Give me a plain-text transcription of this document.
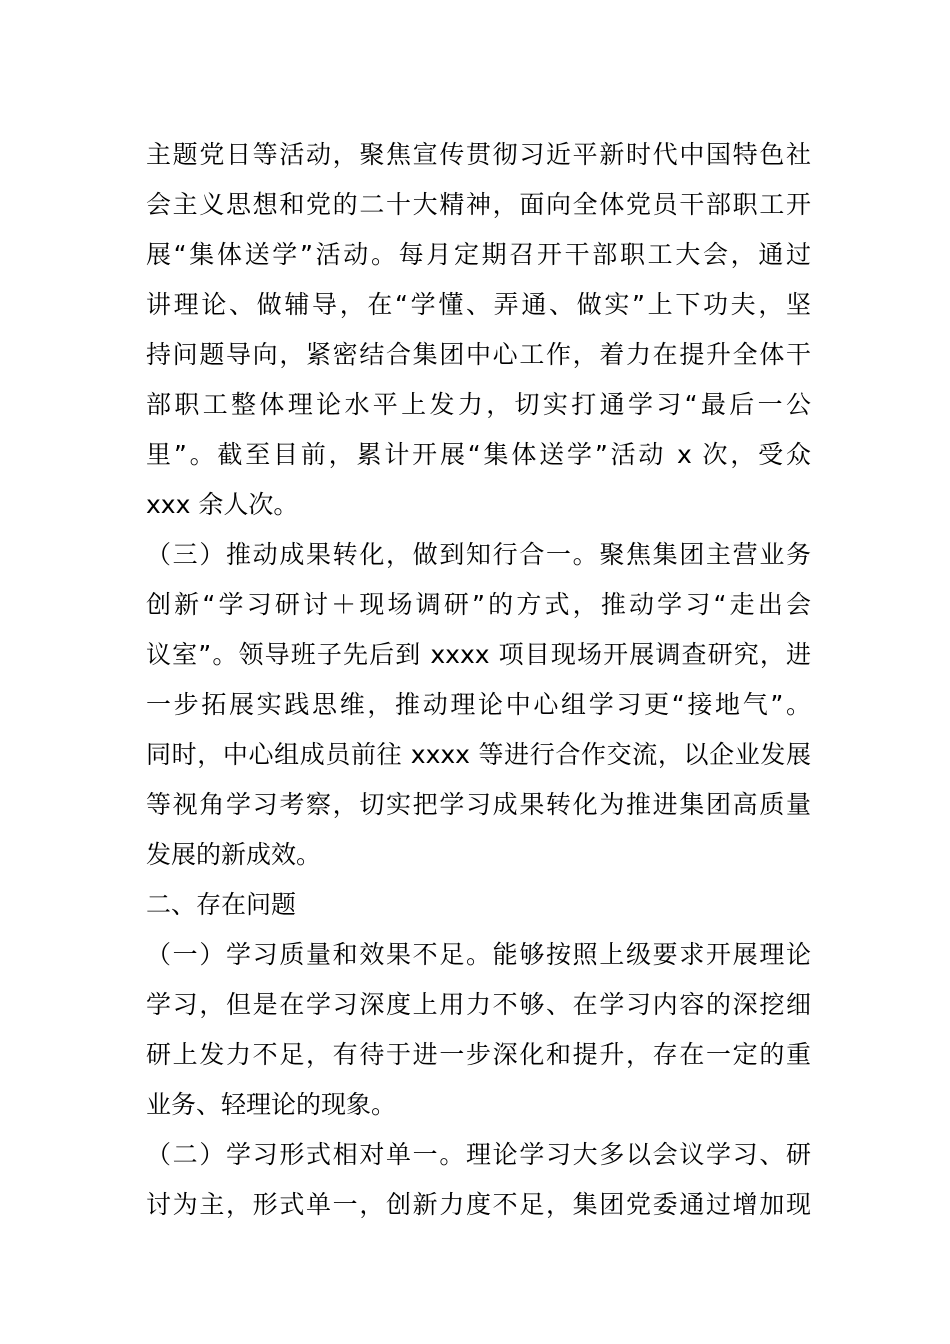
主题党日等活动，聚焦宣传贯彻习近平新时代中国特色社
会主义思想和党的二十大精神，面向全体党员干部职工开
展“集体送学”活动。每月定期召开干部职工大会，通过
讲理论、做辅导，在“学懂、弄通、做实”上下功夫，坚
持问题导向，紧密结合集团中心工作，着力在提升全体干
部职工整体理论水平上发力，切实打通学习“最后一公
里”。截至目前，累计开展“集体送学”活动 x 次，受众
xxx 余人次。
（三）推动成果转化，做到知行合一。聚焦集团主营业务
创新“学习研讨＋现场调研”的方式，推动学习“走出会
议室”。领导班子先后到 xxxx 项目现场开展调查研究，进
一步拓展实践思维，推动理论中心组学习更“接地气”。
同时，中心组成员前往 xxxx 等进行合作交流，以企业发展
等视角学习考察，切实把学习成果转化为推进集团高质量
发展的新成效。
二、存在问题
（一）学习质量和效果不足。能够按照上级要求开展理论
学习，但是在学习深度上用力不够、在学习内容的深挖细
研上发力不足，有待于进一步深化和提升，存在一定的重
业务、轻理论的现象。
（二）学习形式相对单一。理论学习大多以会议学习、研
讨为主，形式单一，创新力度不足，集团党委通过增加现
